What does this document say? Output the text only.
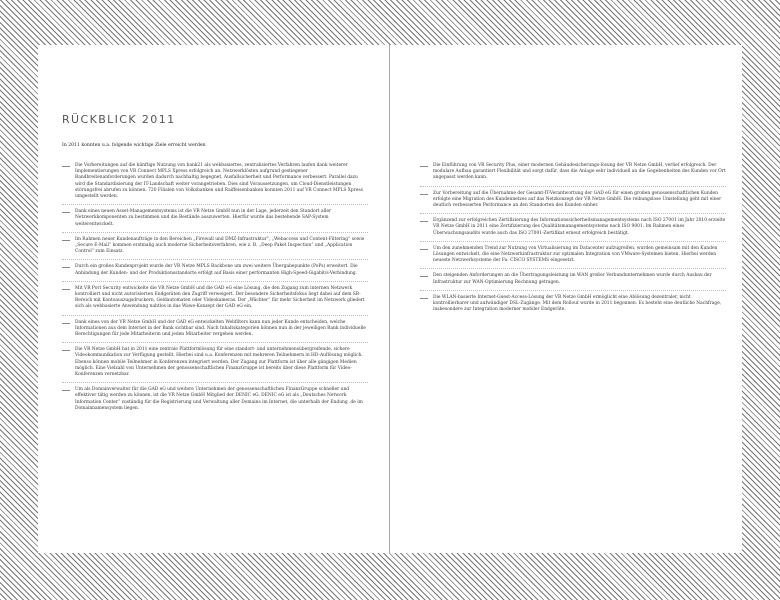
RÜCKBLICK 2011

In 2011 konnten u.a. folgende wichtige Ziele erreicht werden

Die Vorbereitungen auf die künftige Nutzung von bank21 als webbasiertes, zentralisiertes Verfahren laufen dank weiterer Implementierungen von VR Connect MPLS Xpress erfolgreich an. Netzwerklösten aufgrund gestiegener Bandbreitenanforderungen wurden dadurch nachhaltig begegnet, Ausfallsicherheit und Performance verbessert. Parallel dazu wird die Standardisierung der IT-Landschaft weiter vorangetrieben. Dies sind Voraussetzungen, um Cloud-Dienstleistungen störungsfrei abrufen zu können. 720 Filialen von Volksbanken und Raiffeisenbanken konnten 2011 auf VR Connect MPLS Xpress umgestellt werden.
Dank eines neuen Asset-Managementsystems ist die VR Netze GmbH nun in der Lage, jederzeit den Standort aller Netzwerkkomponenten zu bestimmen und die Bestände auszuwerten. Hierfür wurde das bestehende SAP-System weiterentwickelt.
Im Rahmen neuer Kundenaufträge in den Bereichen „Firewall und DMZ-Infrastruktur“, „Webaccess und Content-Filtering“ sowie „Secure E-Mail“ kommen erstmalig auch moderne Sicherheitsverfahren, wie z. B. „Deep Paket Inspection“ und „Application Control“ zum Einsatz.
Durch ein großes Kundenprojekt wurde der VR Netze MPLS Backbone um zwei weitere Übergabepunkte (PoPs) erweitert. Die Anbindung der Kunden- und der Produktionsstandorte erfolgt auf Basis einer performanten High-Speed-Gigabit/s-Verbindung.
Mit VR Port Security entwickelte die VR Netze GmbH und die GAD eG eine Lösung, die den Zugang zum internen Netzwerk kontrolliert und nicht autorisierten Endgeräten den Zugriff verweigert. Der besondere Sicherheitsfokus liegt dabei auf dem SB-Bereich mit Kontoauszugsdruckern, Geldautomaten oder Videokameras. Der „Wächter“ für mehr Sicherheit im Netzwerk gliedert sich als webbasierte Anwendung nahtlos in das Wawe-Konzept der GAD eG ein.
Dank eines von der VR Netze GmbH und der GAD eG entwickelten Webfilters kann nun jeder Kunde entscheiden, welche Informationen aus dem Internet in der Bank sichtbar sind. Nach Inhaltskategorien können nun in der jeweiligen Bank individuelle Berechtigungen für jede Mitarbeiterin und jeden Mitarbeiter vergeben werden.
Die VR Netze GmbH hat in 2011 eine zentrale Plattformlösung für eine standort- und unternehmensübergreifende, sichere Videokommunikation zur Verfügung gestellt. Hierbei sind u.a. Konferenzen mit mehreren Teilnehmern in HD-Auflösung möglich. Ebenso können mobile Teilnehmer in Konferenzen integriert werden. Der Zugang zur Plattform ist über alle gängigen Medien möglich. Eine Vielzahl von Unternehmen der genossenschaftlichen FinanzGruppe ist bereits über diese Plattform für Video-Konferenzen vernetzbar.
Um als Domainverwalter für die GAD eG und weitere Unternehmen der genossenschaftlichen FinanzGruppe schneller und effektiver tätig werden zu können, ist die VR Netze GmbH Mitglied der DENIC eG. DENIC eG ist als „Deutsches Network Information Center“ zuständig für die Registrierung und Verwaltung aller Domains im Internet, die unterhalb der Endung .de im Domainnamensystem liegen.
Die Einführung von VR Security Plus, einer modernen Gebäudesicherungs-lösung der VR Netze GmbH, verlief erfolgreich. Der modulare Aufbau garantiert Flexibilität und sorgt dafür, dass die Anlage sehr individuell an die Gegebenheiten des Kunden vor Ort angepasst werden kann.
Zur Vorbereitung auf die Übernahme der Gesamt-IT-Verantwortung der GAD eG für einen großen genossenschaftlichen Kunden erfolgte eine Migration des Kundennetzes auf das Netzkonzept der VR Netze GmbH. Die reibungslose Umstellung geht mit einer deutlich verbesserten Performance an den Standorten des Kunden einher.
Ergänzend zur erfolgreichen Zertifizierung des Informationssicherheitsmanagementsystems nach ISO 27001 im Jahr 2010 erzielte VR Netze GmbH in 2011 eine Zertifizierung des Qualitätsmanagementsystems nach ISO 9001. Im Rahmen eines Überwachungsaudits wurde auch das ISO 27001-Zertifikat erneut erfolgreich bestätigt.
Um den zunehmenden Trend zur Nutzung von Virtualisierung im Datacenter aufzugreifen, wurden gemeinsam mit den Kunden Lösungen entwickelt, die eine Netzwerkinfrastruktur zur optimalen Integration von VMware-Systemen bieten. Hierbei werden neueste Netzwerksysteme der Fa. CISCO SYSTEMS eingesetzt.
Den steigenden Anforderungen an die Übertragungsleistung im WAN großer Verbundunternehmen wurde durch Ausbau der Infrastruktur zur WAN-Optimierung Rechnung getragen.
Die WLAN-basierte Internet-Guest-Access-Lösung der VR Netze GmbH ermöglicht eine Ablösung dezentraler, nicht kontrollierbarer und aufwändiger DSL-Zugänge. Mit dem Rollout wurde in 2011 begonnen. Es besteht eine deutliche Nachfrage, insbesondere zur Integration moderner mobiler Endgeräte.
